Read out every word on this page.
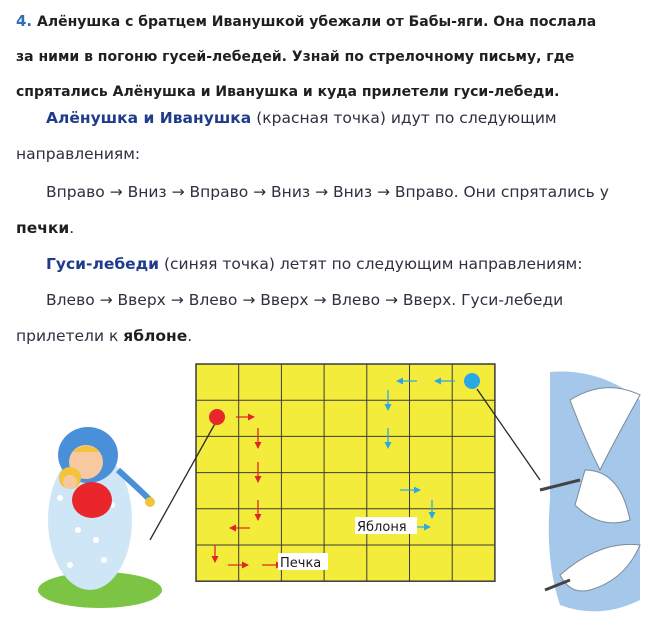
4. Алёнушка с братцем Иванушкой убежали от Бабы-яги. Она послала
за ними в погоню гусей-лебедей. Узнай по стрелочному письму, где
спрятались Алёнушка и Иванушка и куда прилетели гуси-лебеди.
Алёнушка и Иванушка (красная точка) идут по следующим
направлениям:
Вправо → Вниз → Вправо → Вниз → Вниз → Вправо. Они спрятались у
печки.
Гуси-лебеди (синяя точка) летят по следующим направлениям:
Влево → Вверх → Влево → Вверх → Влево → Вверх. Гуси-лебеди
прилетели к яблоне.
Печка
Яблоня
